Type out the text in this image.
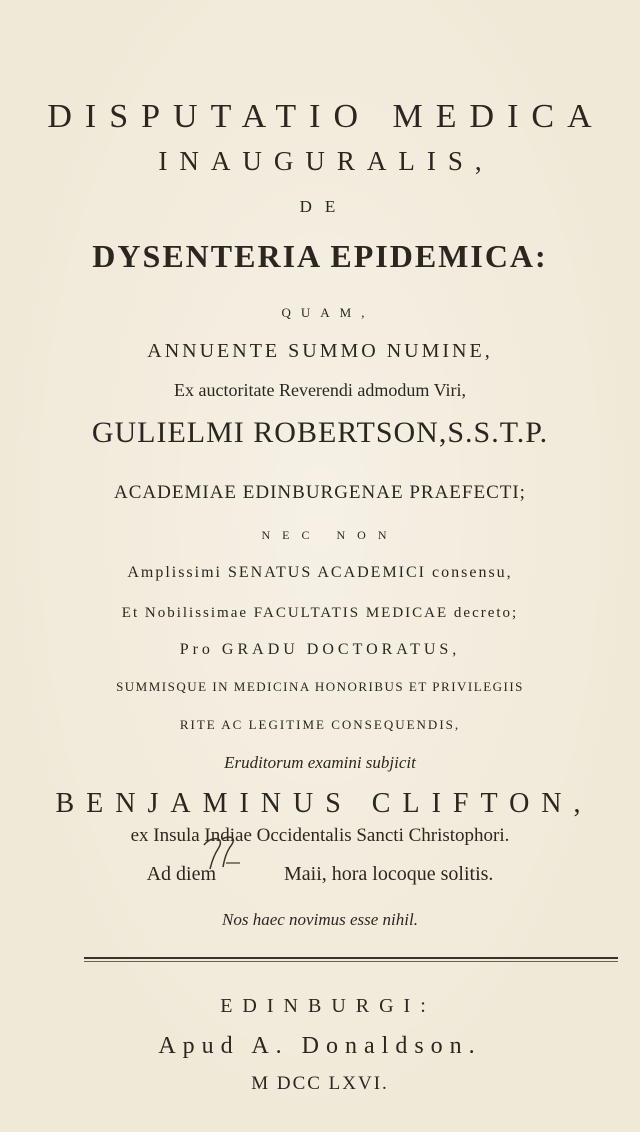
DISPUTATIO MEDICA
INAUGURALIS,
DE
DYSENTERIA EPIDEMICA:
QUAM,
ANNUENTE SUMMO NUMINE,
Ex auctoritate Reverendi admodum Viri,
GULIELMI ROBERTSON,S.S.T.P.
ACADEMIAE EDINBURGENAE PRAEFECTI;
NEC NON
Amplissimi SENATUS ACADEMICI consensu,
Et Nobilissimae FACULTATIS MEDICAE decreto;
Pro GRADU DOCTORATUS,
SUMMISQUE IN MEDICINA HONORIBUS ET PRIVILEGIIS
RITE AC LEGITIME CONSEQUENDIS,
Eruditorum examini subjicit
BENJAMINUS CLIFTON,
ex Insula Indiae Occidentalis Sancti Christophori.
Ad diem	Maii, hora locoque solitis.
Nos haec novimus esse nihil.
EDINBURGI:
Apud A. Donaldson.
M DCC LXVI.
